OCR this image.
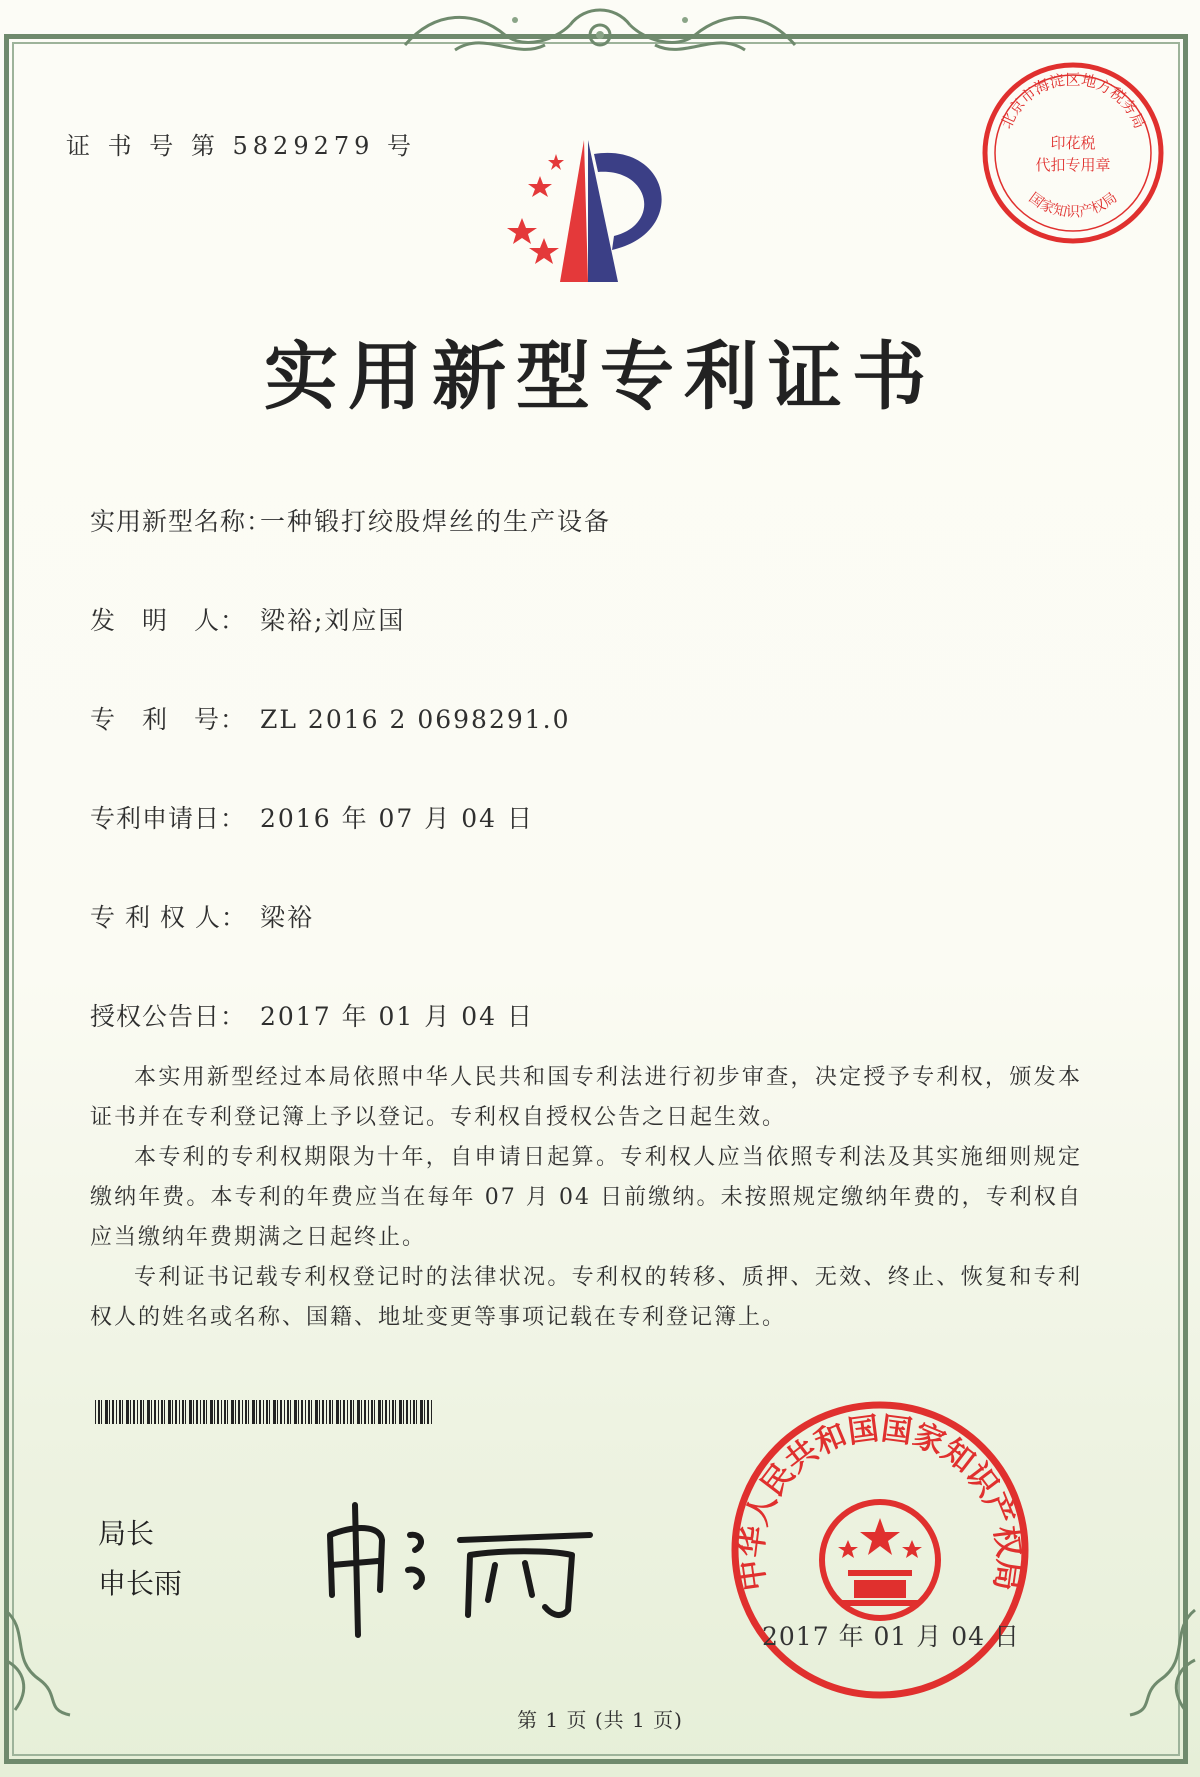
证 书 号 第 5829279 号
北京市海淀区地方税务局
国家知识产权局
印花税
代扣专用章
实用新型专利证书
实用新型名称：一种锻打绞股焊丝的生产设备
发　明　人： 梁裕;刘应国
专　利　号： ZL 2016 2 0698291.0
专利申请日： 2016 年 07 月 04 日
专 利 权 人： 梁裕
授权公告日： 2017 年 01 月 04 日

本实用新型经过本局依照中华人民共和国专利法进行初步审查，决定授予专利权，颁发本证书并在专利登记簿上予以登记。专利权自授权公告之日起生效。

本专利的专利权期限为十年，自申请日起算。专利权人应当依照专利法及其实施细则规定缴纳年费。本专利的年费应当在每年 07 月 04 日前缴纳。未按照规定缴纳年费的，专利权自应当缴纳年费期满之日起终止。

专利证书记载专利权登记时的法律状况。专利权的转移、质押、无效、终止、恢复和专利权人的姓名或名称、国籍、地址变更等事项记载在专利登记簿上。

局长
申长雨	中华人民共和国国家知识产权局
2017 年 01 月 04 日
第 1 页 (共 1 页)
